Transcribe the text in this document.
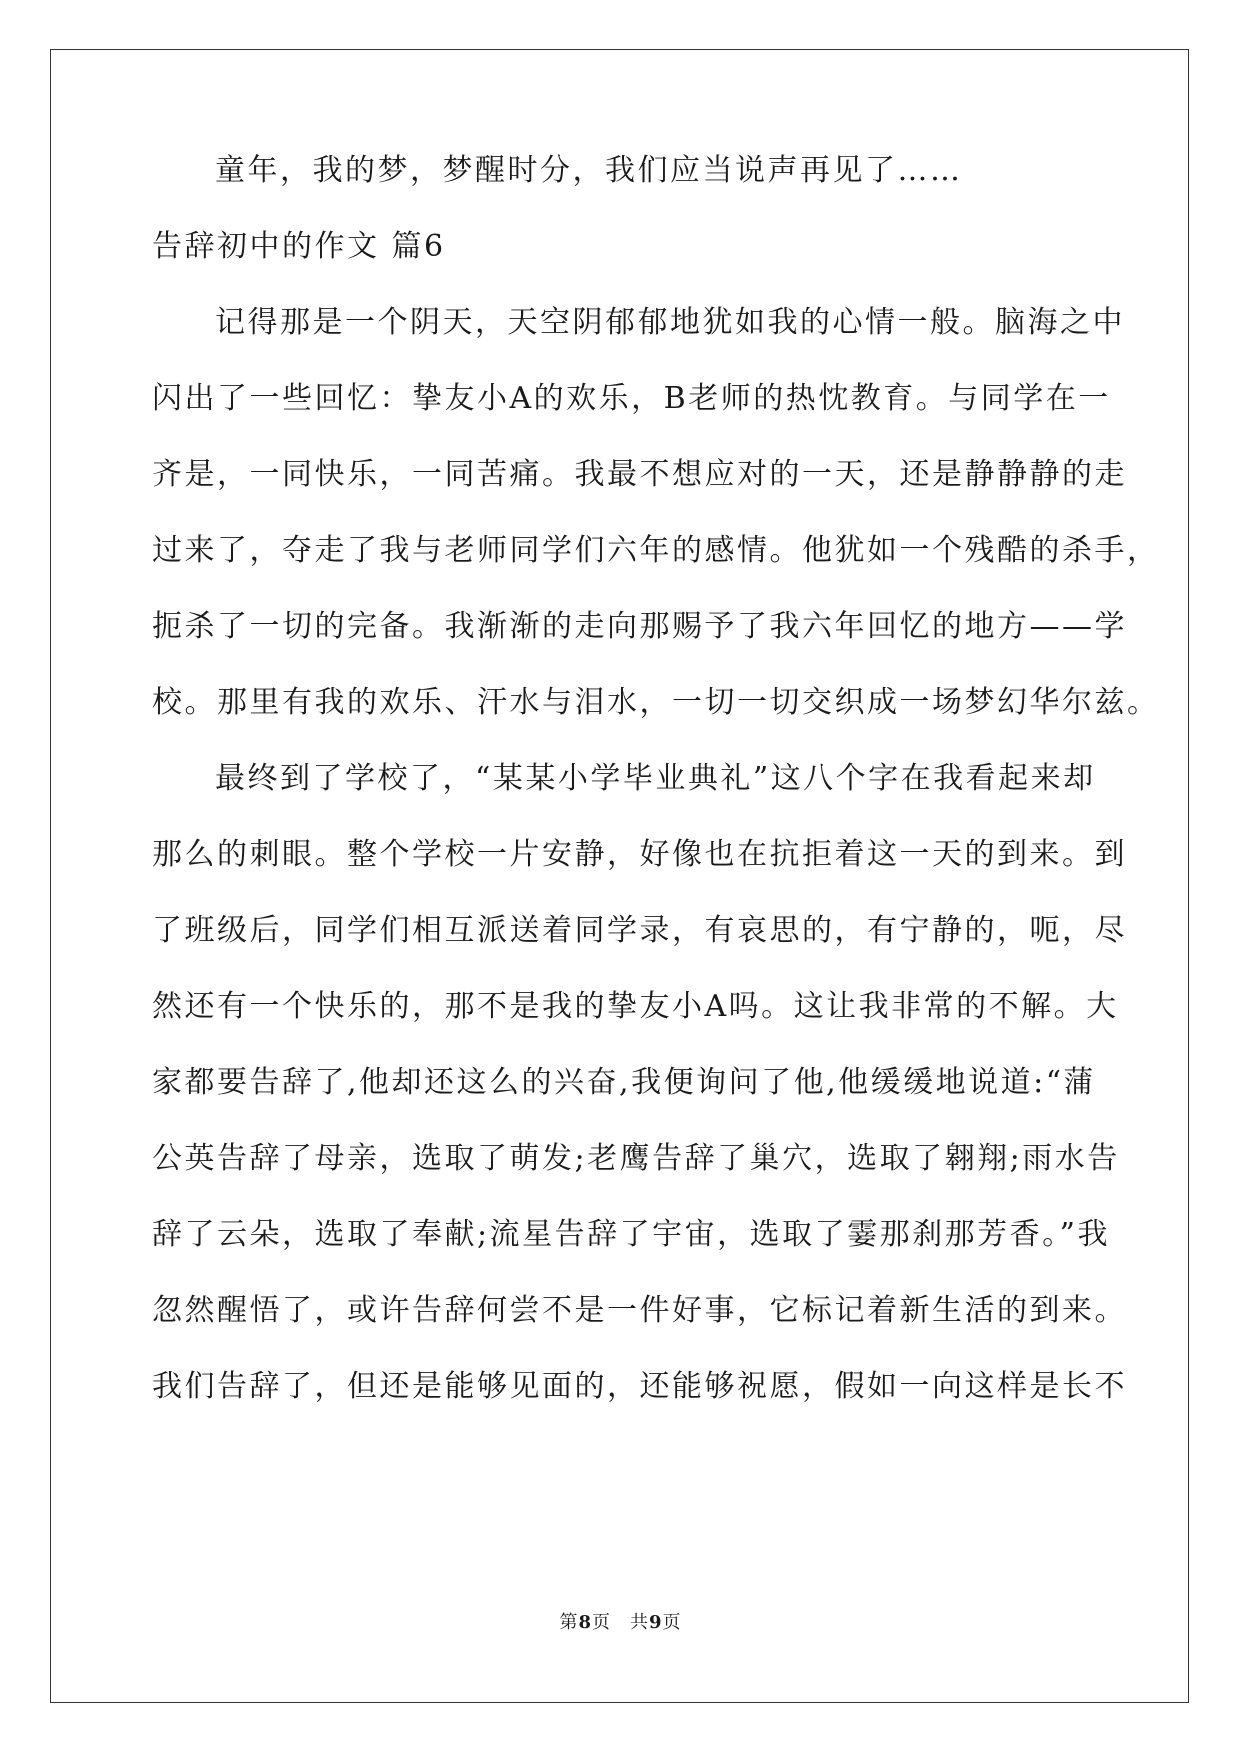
童年，我的梦，梦醒时分，我们应当说声再见了……
告辞初中的作文 篇6
记得那是一个阴天，天空阴郁郁地犹如我的心情一般。脑海之中
闪出了一些回忆：挚友小A的欢乐，B老师的热忱教育。与同学在一
齐是，一同快乐，一同苦痛。我最不想应对的一天，还是静静静的走
过来了，夺走了我与老师同学们六年的感情。他犹如一个残酷的杀手，
扼杀了一切的完备。我渐渐的走向那赐予了我六年回忆的地方——学
校。那里有我的欢乐、汗水与泪水，一切一切交织成一场梦幻华尔兹。
最终到了学校了，“某某小学毕业典礼”这八个字在我看起来却
那么的刺眼。整个学校一片安静，好像也在抗拒着这一天的到来。到
了班级后，同学们相互派送着同学录，有哀思的，有宁静的，呃，尽
然还有一个快乐的，那不是我的挚友小A吗。这让我非常的不解。大
家都要告辞了,他却还这么的兴奋,我便询问了他,他缓缓地说道:“蒲
公英告辞了母亲，选取了萌发;老鹰告辞了巢穴，选取了翱翔;雨水告
辞了云朵，选取了奉献;流星告辞了宇宙，选取了霎那刹那芳香。”我
忽然醒悟了，或许告辞何尝不是一件好事，它标记着新生活的到来。
我们告辞了，但还是能够见面的，还能够祝愿，假如一向这样是长不
第8页　共9页
